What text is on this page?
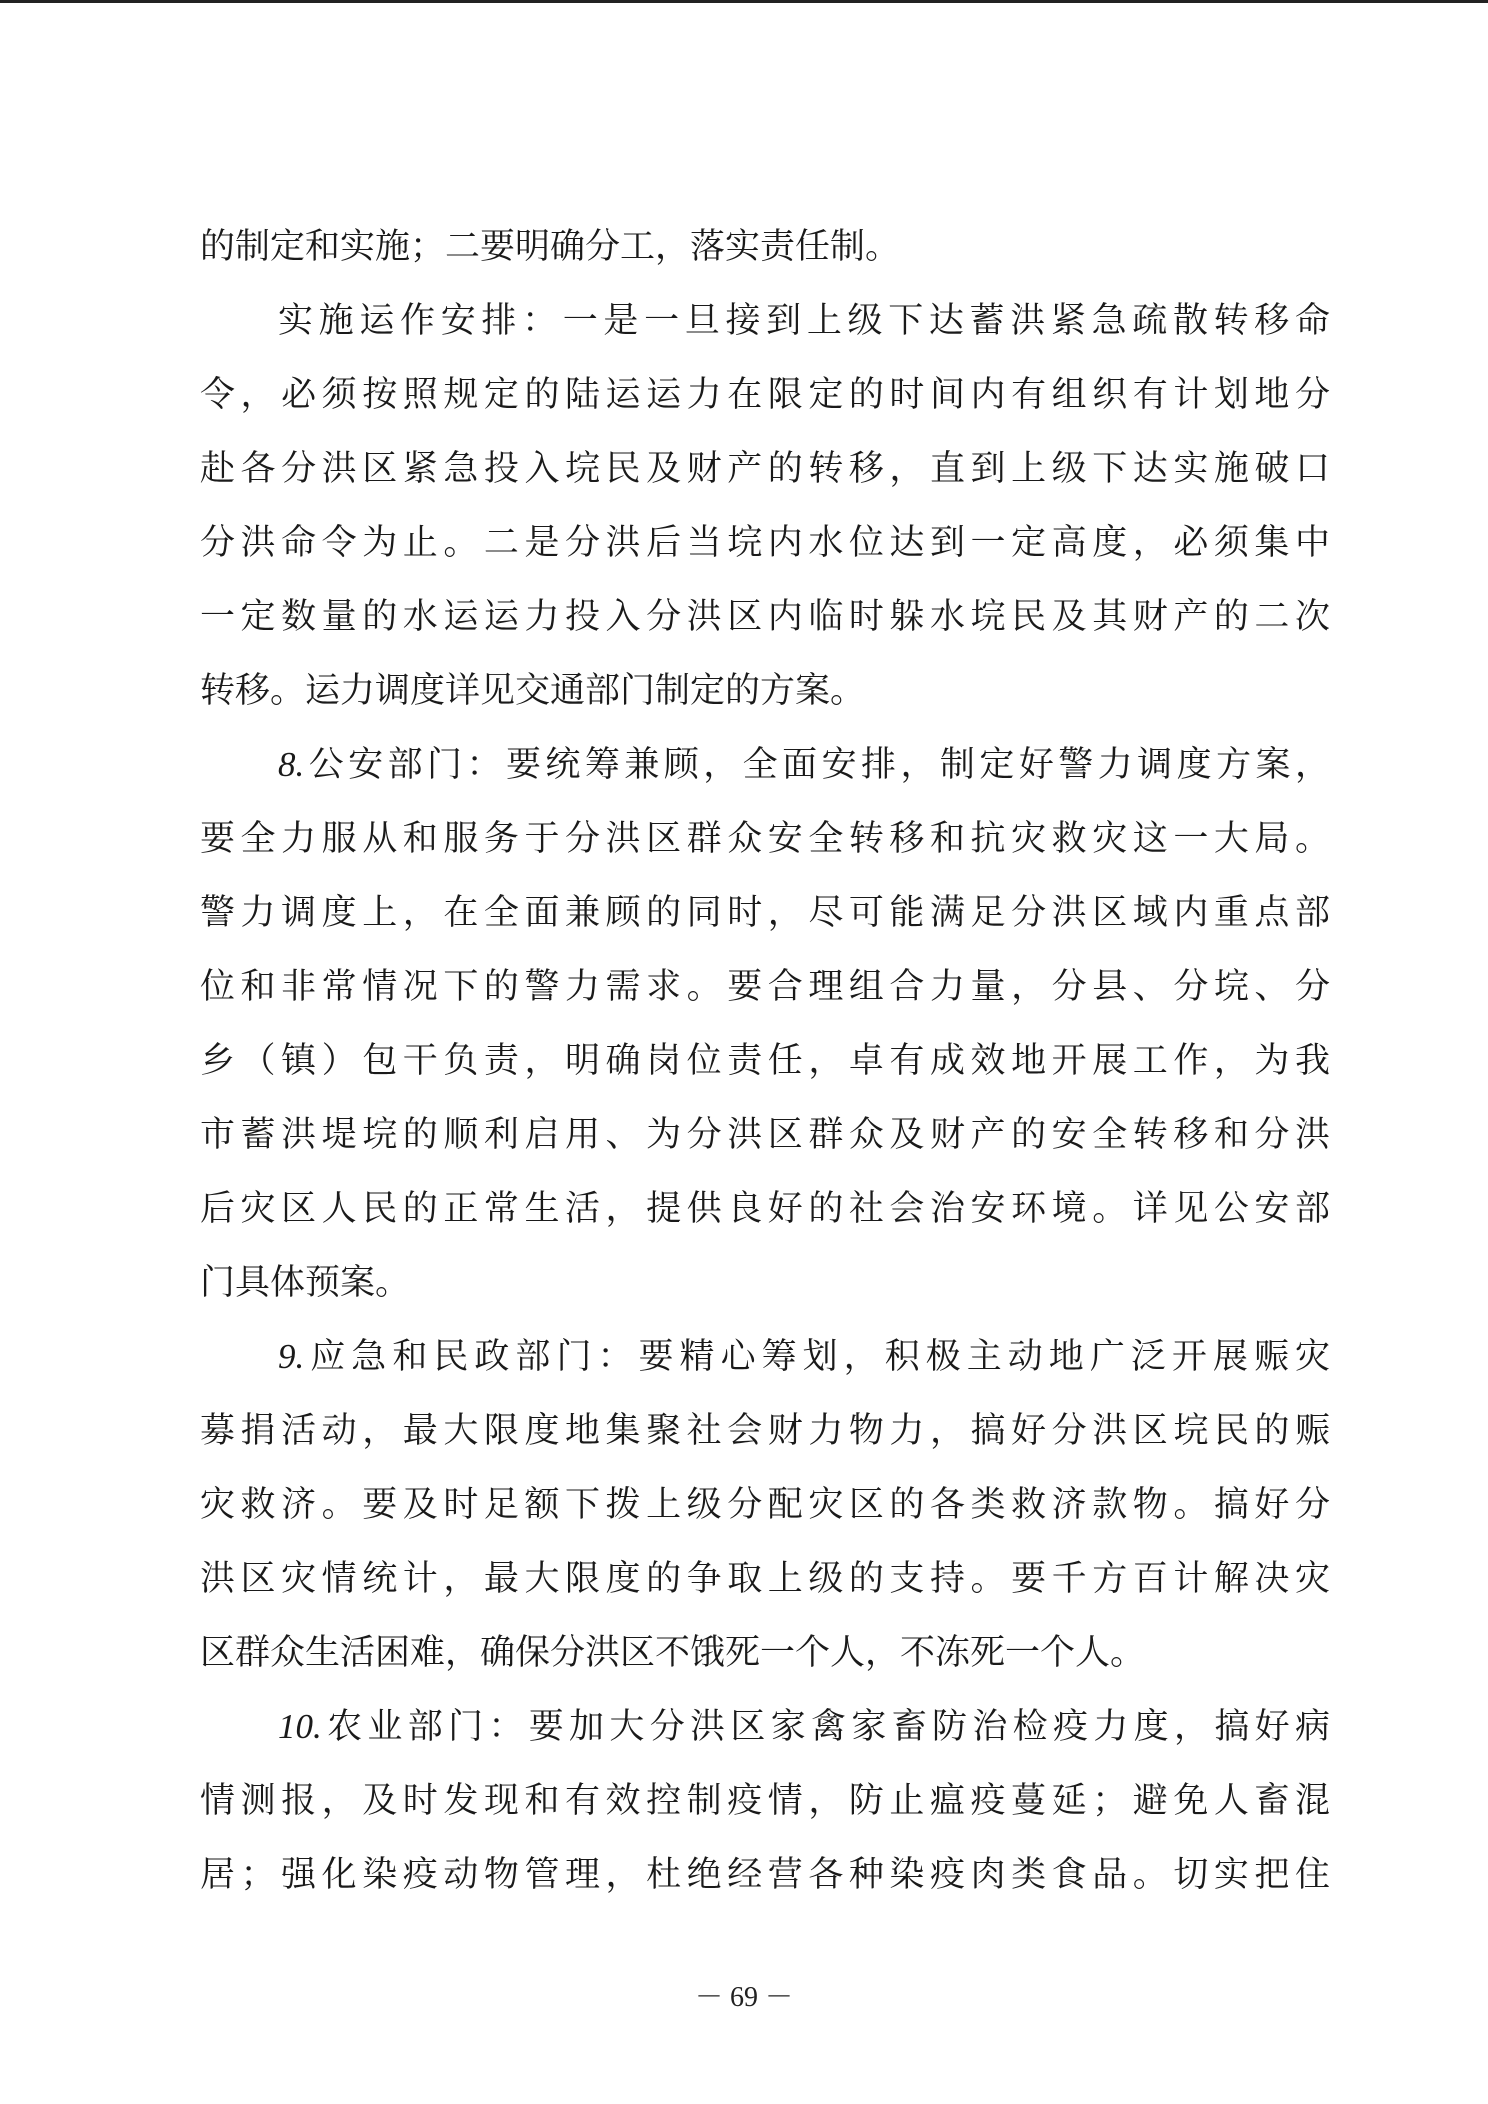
的制定和实施；二要明确分工，落实责任制。
实施运作安排：一是一旦接到上级下达蓄洪紧急疏散转移命
令，必须按照规定的陆运运力在限定的时间内有组织有计划地分
赴各分洪区紧急投入垸民及财产的转移，直到上级下达实施破口
分洪命令为止。二是分洪后当垸内水位达到一定高度，必须集中
一定数量的水运运力投入分洪区内临时躲水垸民及其财产的二次
转移。运力调度详见交通部门制定的方案。
8.公安部门：要统筹兼顾，全面安排，制定好警力调度方案，
要全力服从和服务于分洪区群众安全转移和抗灾救灾这一大局。
警力调度上，在全面兼顾的同时，尽可能满足分洪区域内重点部
位和非常情况下的警力需求。要合理组合力量，分县、分垸、分
乡（镇）包干负责，明确岗位责任，卓有成效地开展工作，为我
市蓄洪堤垸的顺利启用、为分洪区群众及财产的安全转移和分洪
后灾区人民的正常生活，提供良好的社会治安环境。详见公安部
门具体预案。
9.应急和民政部门：要精心筹划，积极主动地广泛开展赈灾
募捐活动，最大限度地集聚社会财力物力，搞好分洪区垸民的赈
灾救济。要及时足额下拨上级分配灾区的各类救济款物。搞好分
洪区灾情统计，最大限度的争取上级的支持。要千方百计解决灾
区群众生活困难，确保分洪区不饿死一个人，不冻死一个人。
10.农业部门：要加大分洪区家禽家畜防治检疫力度，搞好病
情测报，及时发现和有效控制疫情，防止瘟疫蔓延；避免人畜混
居；强化染疫动物管理，杜绝经营各种染疫肉类食品。切实把住
－ 69 －
